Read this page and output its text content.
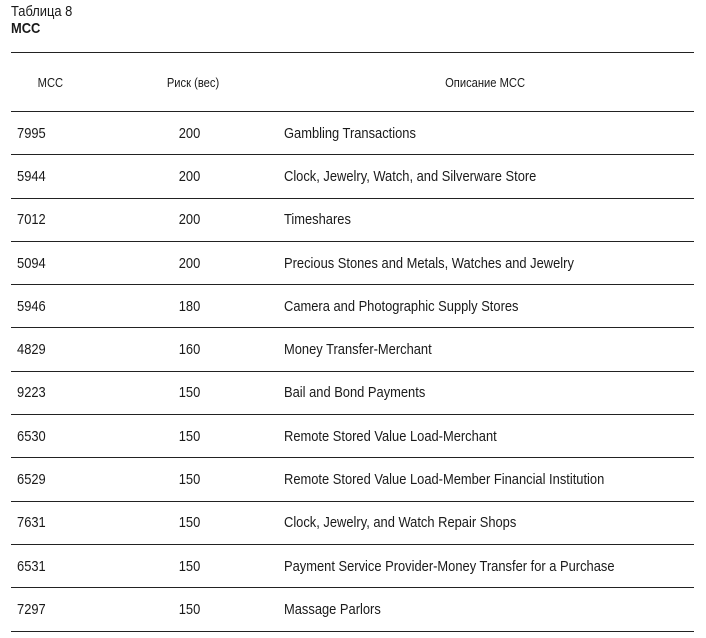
Таблица 8
MCC
MCC	Риск (вес)	Описание MCC
7995	200	Gambling Transactions
5944	200	Clock, Jewelry, Watch, and Silverware Store
7012	200	Timeshares
5094	200	Precious Stones and Metals, Watches and Jewelry
5946	180	Camera and Photographic Supply Stores
4829	160	Money Transfer-Merchant
9223	150	Bail and Bond Payments
6530	150	Remote Stored Value Load-Merchant
6529	150	Remote Stored Value Load-Member Financial Institution
7631	150	Clock, Jewelry, and Watch Repair Shops
6531	150	Payment Service Provider-Money Transfer for a Purchase
7297	150	Massage Parlors
